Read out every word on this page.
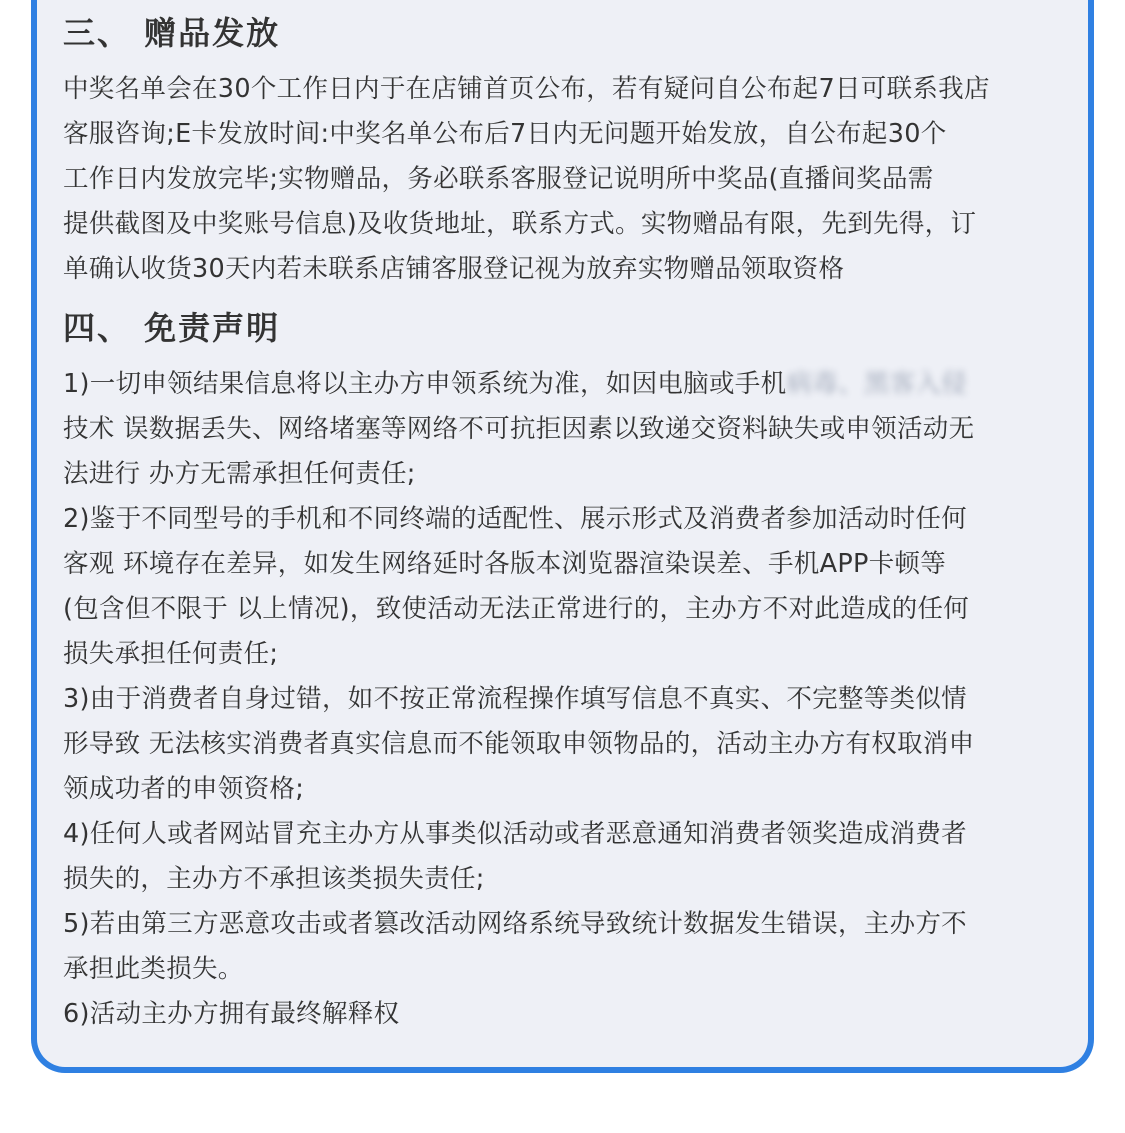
三、 赠品发放
中奖名单会在30个工作日内于在店铺首页公布，若有疑问自公布起7日可联系我店
客服咨询;E卡发放时间:中奖名单公布后7日内无问题开始发放，自公布起30个
工作日内发放完毕;实物赠品，务必联系客服登记说明所中奖品(直播间奖品需
提供截图及中奖账号信息)及收货地址，联系方式。实物赠品有限，先到先得，订
单确认收货30天内若未联系店铺客服登记视为放弃实物赠品领取资格
四、 免责声明
1)一切申领结果信息将以主办方申领系统为准，如因电脑或手机病毒、黑客入侵
技术 误数据丢失、网络堵塞等网络不可抗拒因素以致递交资料缺失或申领活动无
法进行 办方无需承担任何责任;
2)鉴于不同型号的手机和不同终端的适配性、展示形式及消费者参加活动时任何
客观 环境存在差异，如发生网络延时各版本浏览器渲染误差、手机APP卡顿等
(包含但不限于 以上情况)，致使活动无法正常进行的，主办方不对此造成的任何
损失承担任何责任;
3)由于消费者自身过错，如不按正常流程操作填写信息不真实、不完整等类似情
形导致 无法核实消费者真实信息而不能领取申领物品的，活动主办方有权取消申
领成功者的申领资格;
4)任何人或者网站冒充主办方从事类似活动或者恶意通知消费者领奖造成消费者
损失的，主办方不承担该类损失责任;
5)若由第三方恶意攻击或者篡改活动网络系统导致统计数据发生错误，主办方不
承担此类损失。
6)活动主办方拥有最终解释权
